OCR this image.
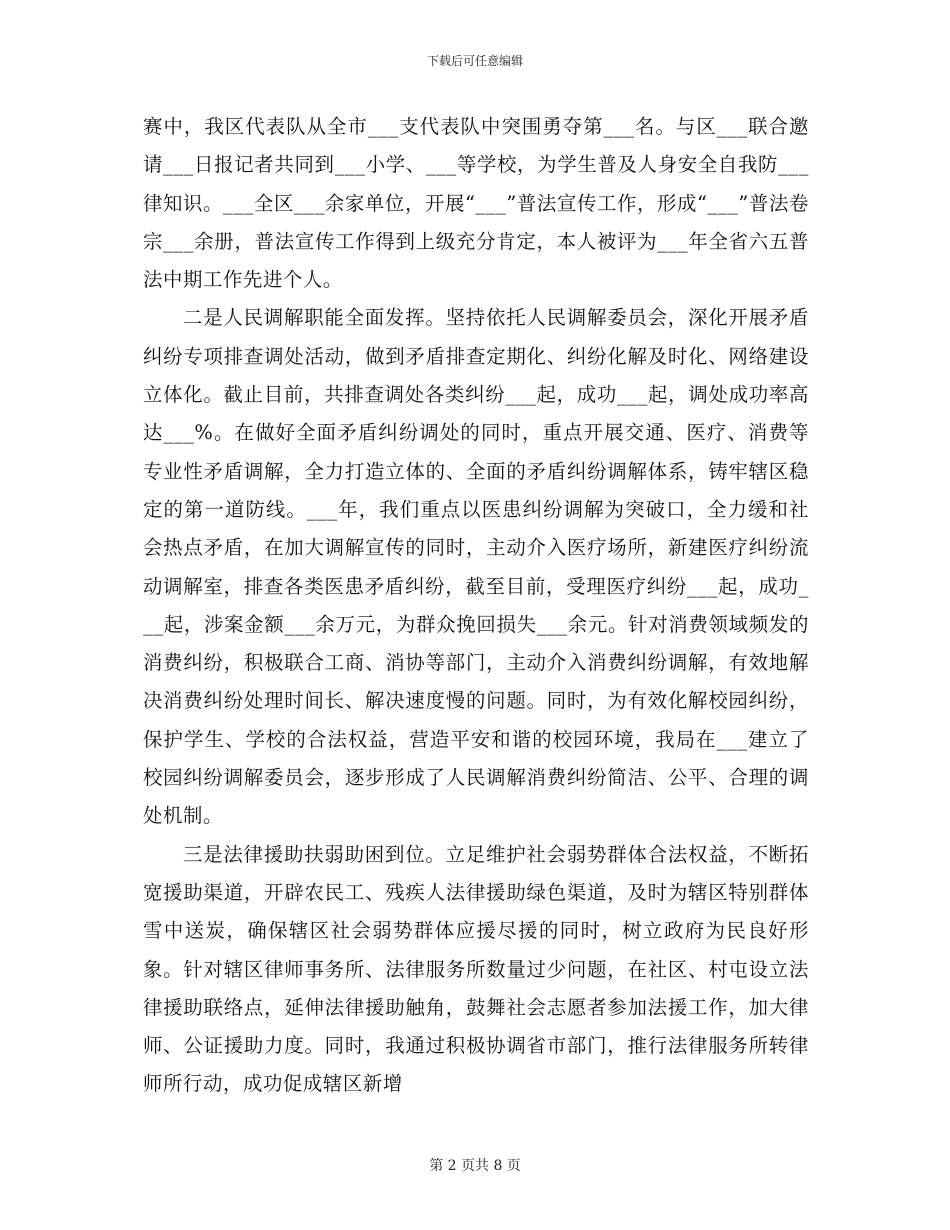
下载后可任意编辑

赛中，我区代表队从全市___支代表队中突围勇夺第___名。与区___联合邀请___日报记者共同到___小学、___等学校，为学生普及人身安全自我防___律知识。___全区___余家单位，开展“___”普法宣传工作，形成“___”普法卷宗___余册，普法宣传工作得到上级充分肯定，本人被评为___年全省六五普法中期工作先进个人。

二是人民调解职能全面发挥。坚持依托人民调解委员会，深化开展矛盾纠纷专项排查调处活动，做到矛盾排查定期化、纠纷化解及时化、网络建设立体化。截止目前，共排查调处各类纠纷___起，成功___起，调处成功率高达___%。在做好全面矛盾纠纷调处的同时，重点开展交通、医疗、消费等专业性矛盾调解，全力打造立体的、全面的矛盾纠纷调解体系，铸牢辖区稳定的第一道防线。___年，我们重点以医患纠纷调解为突破口，全力缓和社会热点矛盾，在加大调解宣传的同时，主动介入医疗场所，新建医疗纠纷流动调解室，排查各类医患矛盾纠纷，截至目前，受理医疗纠纷___起，成功___起，涉案金额___余万元，为群众挽回损失___余元。针对消费领域频发的消费纠纷，积极联合工商、消协等部门，主动介入消费纠纷调解，有效地解决消费纠纷处理时间长、解决速度慢的问题。同时，为有效化解校园纠纷，保护学生、学校的合法权益，营造平安和谐的校园环境，我局在___建立了校园纠纷调解委员会，逐步形成了人民调解消费纠纷简洁、公平、合理的调处机制。

三是法律援助扶弱助困到位。立足维护社会弱势群体合法权益，不断拓宽援助渠道，开辟农民工、残疾人法律援助绿色渠道，及时为辖区特别群体雪中送炭，确保辖区社会弱势群体应援尽援的同时，树立政府为民良好形象。针对辖区律师事务所、法律服务所数量过少问题，在社区、村屯设立法律援助联络点，延伸法律援助触角，鼓舞社会志愿者参加法援工作，加大律师、公证援助力度。同时，我通过积极协调省市部门，推行法律服务所转律师所行动，成功促成辖区新增

第 2 页共 8 页
